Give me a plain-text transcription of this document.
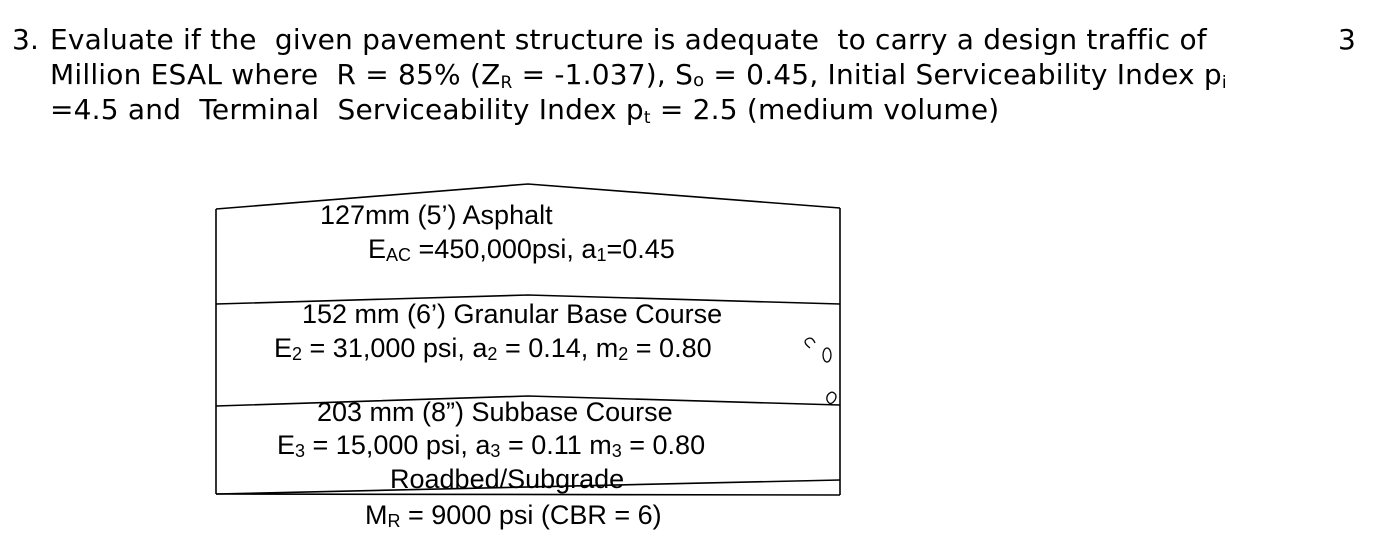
3. Evaluate if the  given pavement structure is adequate  to carry a design traffic of	3
Million ESAL where  R = 85% (ZR = -1.037), So = 0.45, Initial Serviceability Index pi
=4.5 and  Terminal  Serviceability Index pt = 2.5 (medium volume)
127mm (5’) Asphalt
EAC =450,000psi, a1=0.45
152 mm (6’) Granular Base Course
E2 = 31,000 psi, a2 = 0.14, m2 = 0.80
203 mm (8”) Subbase Course
E3 = 15,000 psi, a3 = 0.11 m3 = 0.80
Roadbed/Subgrade
MR = 9000 psi (CBR = 6)
